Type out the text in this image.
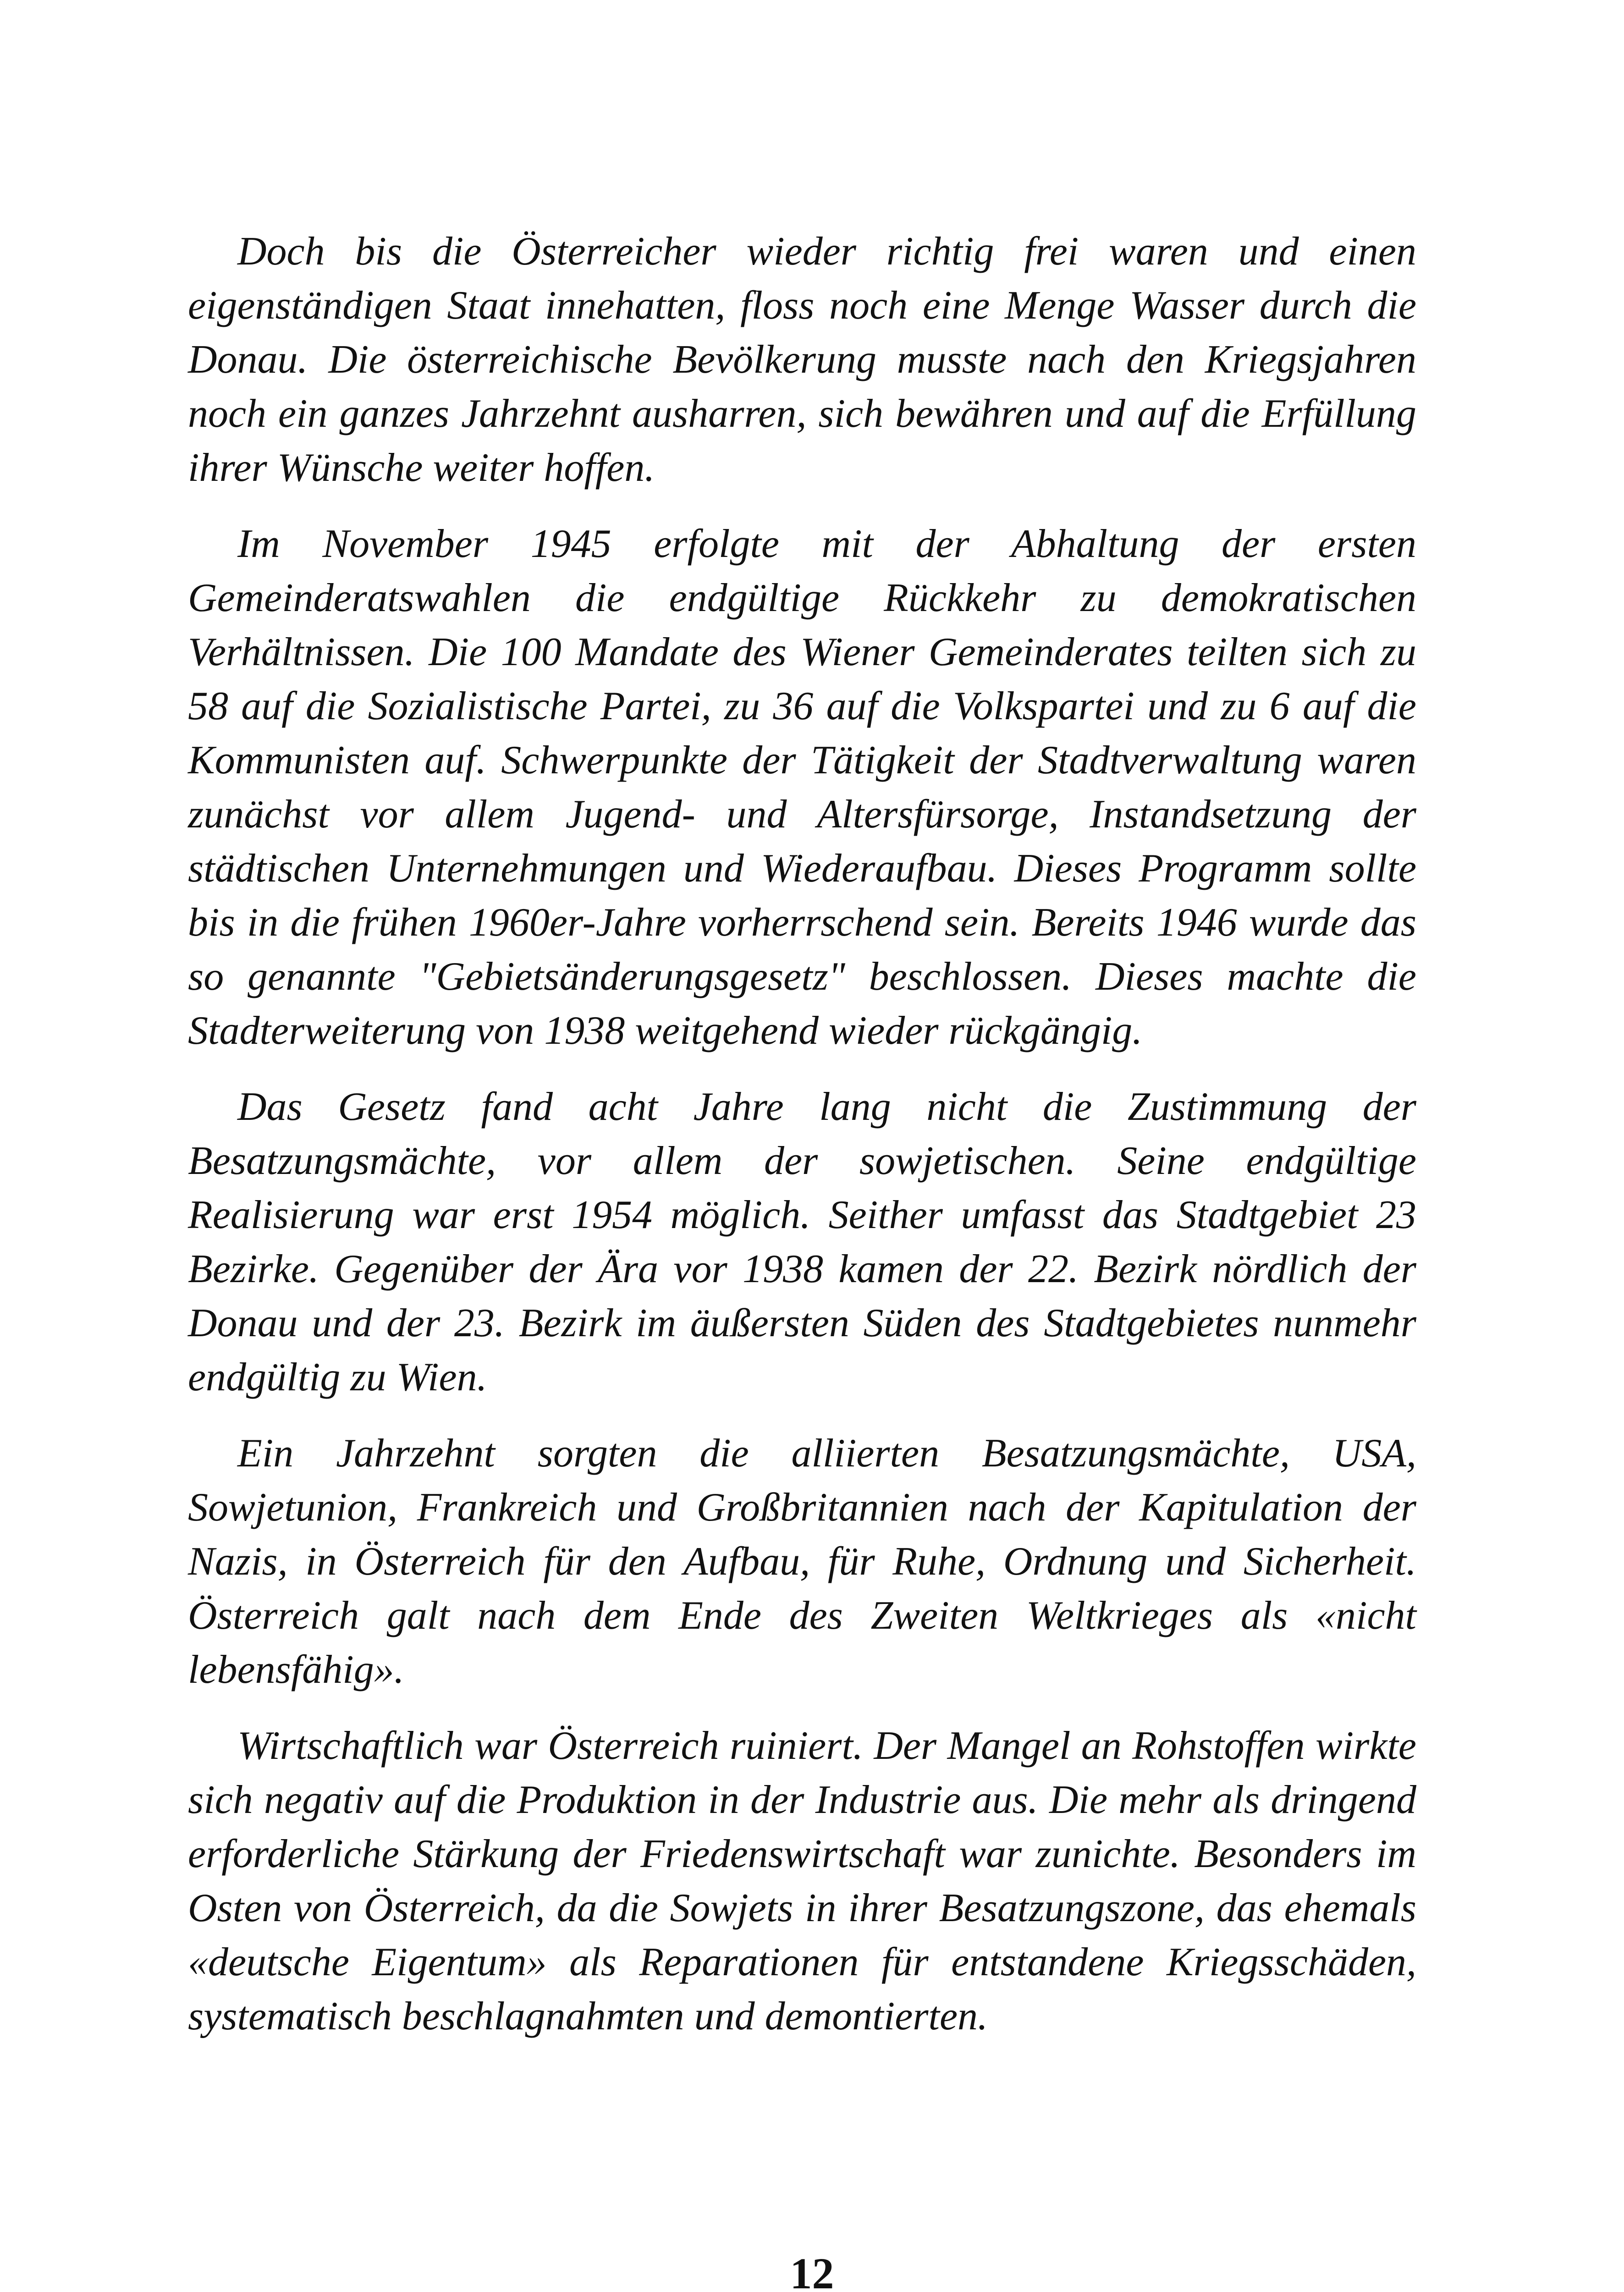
Doch bis die Österreicher wieder richtig frei waren und einen eigenständigen Staat innehatten, floss noch eine Menge Wasser durch die Donau. Die österreichische Bevölkerung musste nach den Kriegsjahren noch ein ganzes Jahrzehnt ausharren, sich bewähren und auf die Erfüllung ihrer Wünsche weiter hoffen.

Im November 1945 erfolgte mit der Abhaltung der ersten Gemeinderatswahlen die endgültige Rückkehr zu demokratischen Verhältnissen. Die 100 Mandate des Wiener Gemeinderates teilten sich zu 58 auf die Sozialistische Partei, zu 36 auf die Volkspartei und zu 6 auf die Kommunisten auf. Schwerpunkte der Tätigkeit der Stadtverwaltung waren zunächst vor allem Jugend- und Altersfürsorge, Instandsetzung der städtischen Unternehmungen und Wiederaufbau. Dieses Programm sollte bis in die frühen 1960er-Jahre vorherrschend sein. Bereits 1946 wurde das so genannte "Gebietsänderungsgesetz" beschlossen. Dieses machte die Stadterweiterung von 1938 weitgehend wieder rückgängig.

Das Gesetz fand acht Jahre lang nicht die Zustimmung der Besatzungsmächte, vor allem der sowjetischen. Seine endgültige Realisierung war erst 1954 möglich. Seither umfasst das Stadtgebiet 23 Bezirke. Gegenüber der Ära vor 1938 kamen der 22. Bezirk nördlich der Donau und der 23. Bezirk im äußersten Süden des Stadtgebietes nunmehr endgültig zu Wien.

Ein Jahrzehnt sorgten die alliierten Besatzungsmächte, USA, Sowjetunion, Frankreich und Großbritannien nach der Kapitulation der Nazis, in Österreich für den Aufbau, für Ruhe, Ordnung und Sicherheit. Österreich galt nach dem Ende des Zweiten Weltkrieges als «nicht lebensfähig».

Wirtschaftlich war Österreich ruiniert. Der Mangel an Rohstoffen wirkte sich negativ auf die Produktion in der Industrie aus. Die mehr als dringend erforderliche Stärkung der Friedenswirtschaft war zunichte. Besonders im Osten von Österreich, da die Sowjets in ihrer Besatzungszone, das ehemals «deutsche Eigentum» als Reparationen für entstandene Kriegsschäden, systematisch beschlagnahmten und demontierten.

12
